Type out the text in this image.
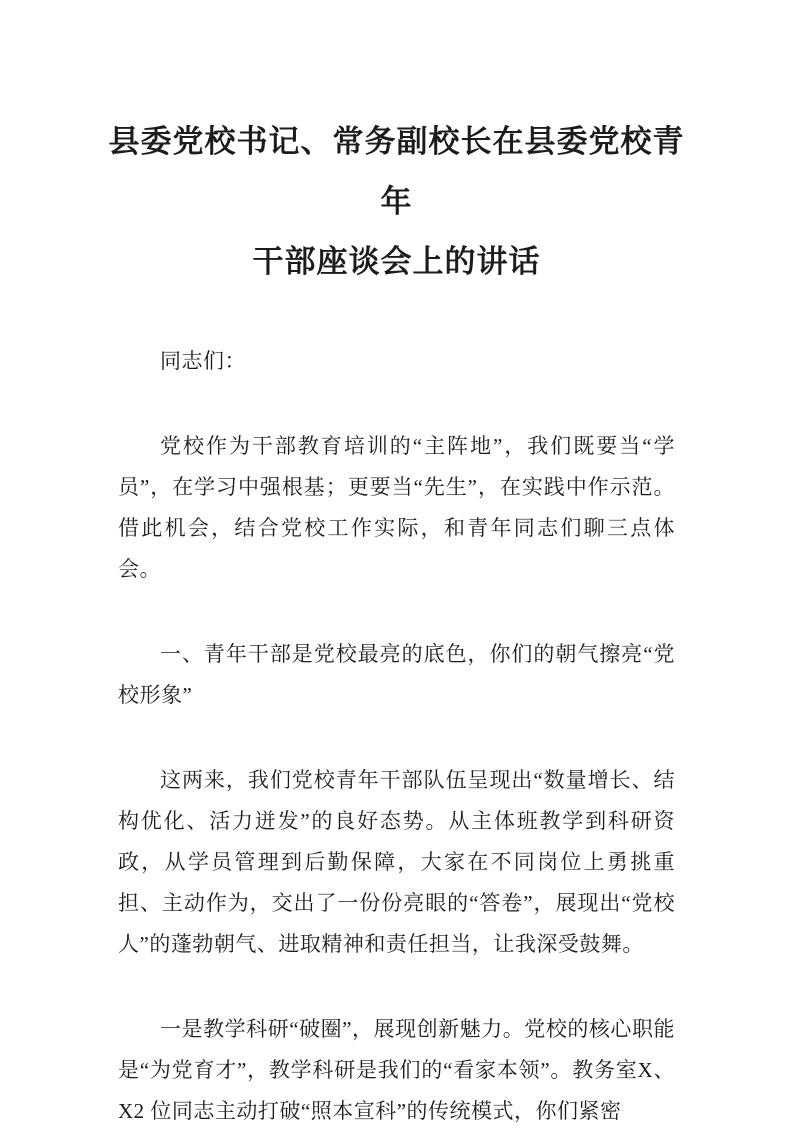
县委党校书记、常务副校长在县委党校青年
干部座谈会上的讲话

同志们：

党校作为干部教育培训的“主阵地”，我们既要当“学员”，在学习中强根基；更要当“先生”，在实践中作示范。借此机会，结合党校工作实际，和青年同志们聊三点体会。

一、青年干部是党校最亮的底色，你们的朝气擦亮“党校形象”

这两来，我们党校青年干部队伍呈现出“数量增长、结构优化、活力迸发”的良好态势。从主体班教学到科研资政，从学员管理到后勤保障，大家在不同岗位上勇挑重担、主动作为，交出了一份份亮眼的“答卷”，展现出“党校人”的蓬勃朝气、进取精神和责任担当，让我深受鼓舞。

一是教学科研“破圈”，展现创新魅力。党校的核心职能是“为党育才”，教学科研是我们的“看家本领”。教务室X、X2 位同志主动打破“照本宣科”的传统模式，你们紧密
